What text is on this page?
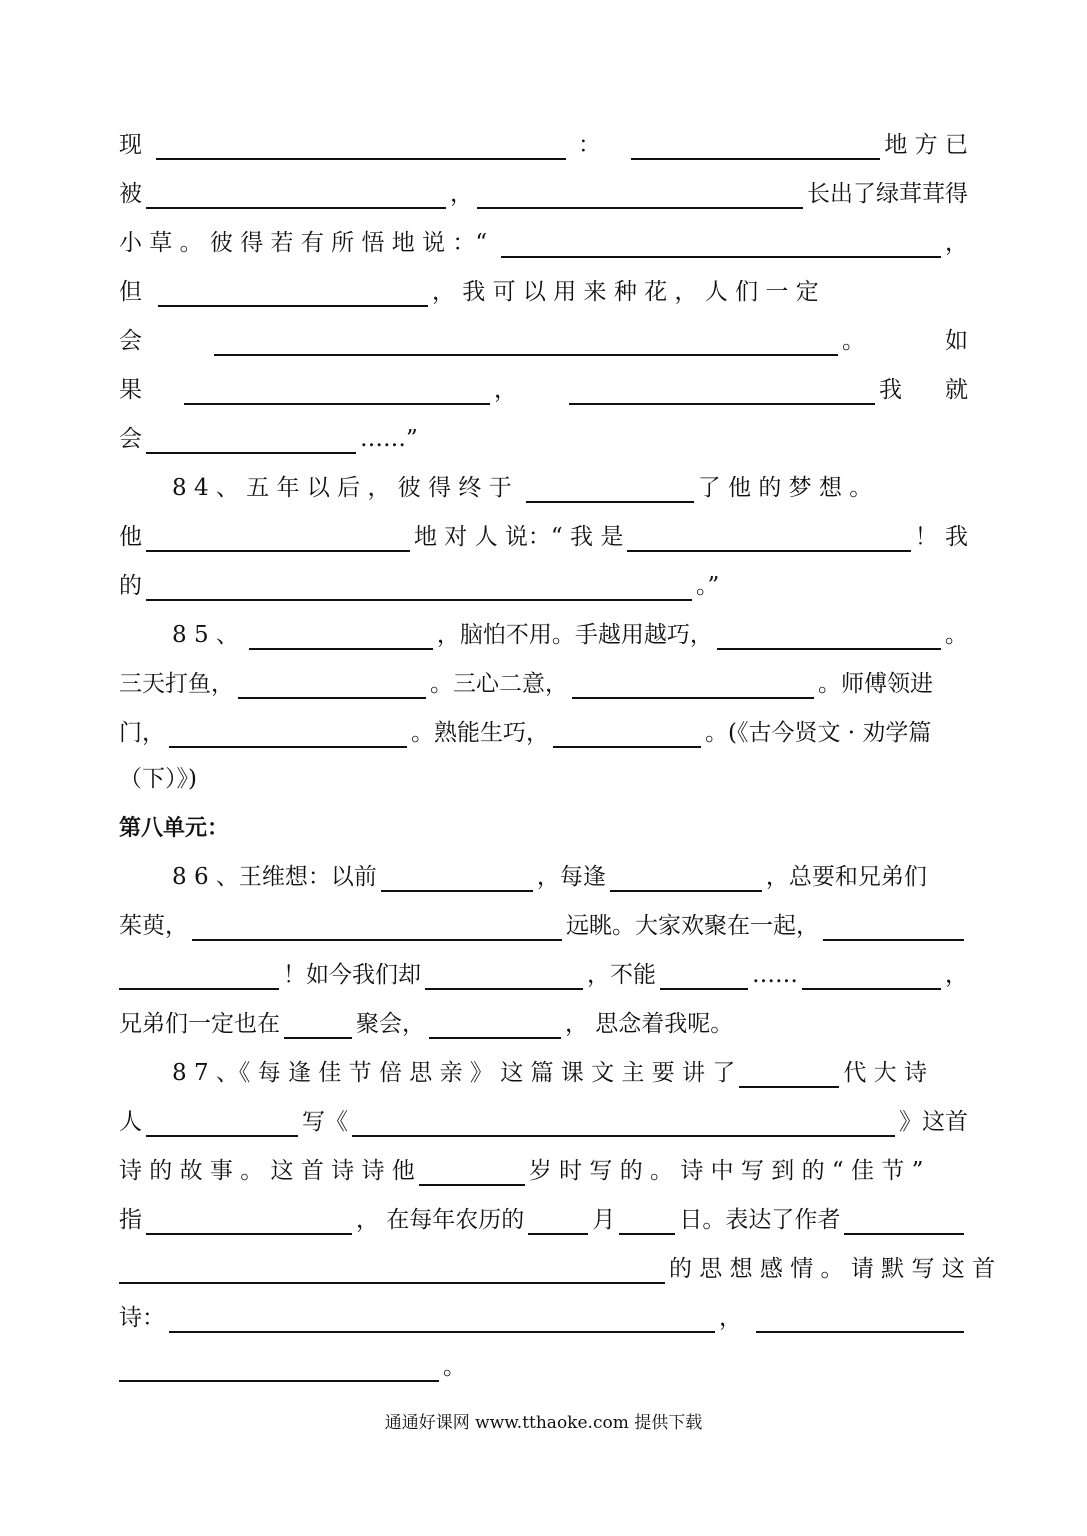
现	：	地 方 已
被	，	长出了绿茸茸得
小 草 。 彼 得 若 有 所 悟 地 说 ：“	，
但	， 我 可 以 用 来 种 花 ， 人 们 一 定
会	。	如
果	，	我 就
会	……”
8 4 、 五 年 以 后 ， 彼 得 终 于	了 他 的 梦 想 。
他	地 对 人 说：“ 我 是	！ 我
的	。”
8 5 、	，脑怕不用。手越用越巧，	。
三天打鱼，	。三心二意，	。师傅领进
门，	。熟能生巧，	。(《古今贤文 · 劝学篇
（下）》)
第八单元：
8 6 、王维想：以前	，每逢	，总要和兄弟们
茱萸，	远眺。大家欢聚在一起，
！如今我们却	，不能	……	，
兄弟们一定也在	聚会，	， 思念着我呢。
8 7 、《 每 逢 佳 节 倍 思 亲 》 这 篇 课 文 主 要 讲 了	代 大 诗
人	写《	》这首
诗 的 故 事 。 这 首 诗 诗 他	岁 时 写 的 。 诗 中 写 到 的 “ 佳 节 ”
指	， 在每年农历的	月	日。表达了作者
的 思 想 感 情 。 请 默 写 这 首
诗：	，
。
通通好课网 www.tthaoke.com 提供下载
